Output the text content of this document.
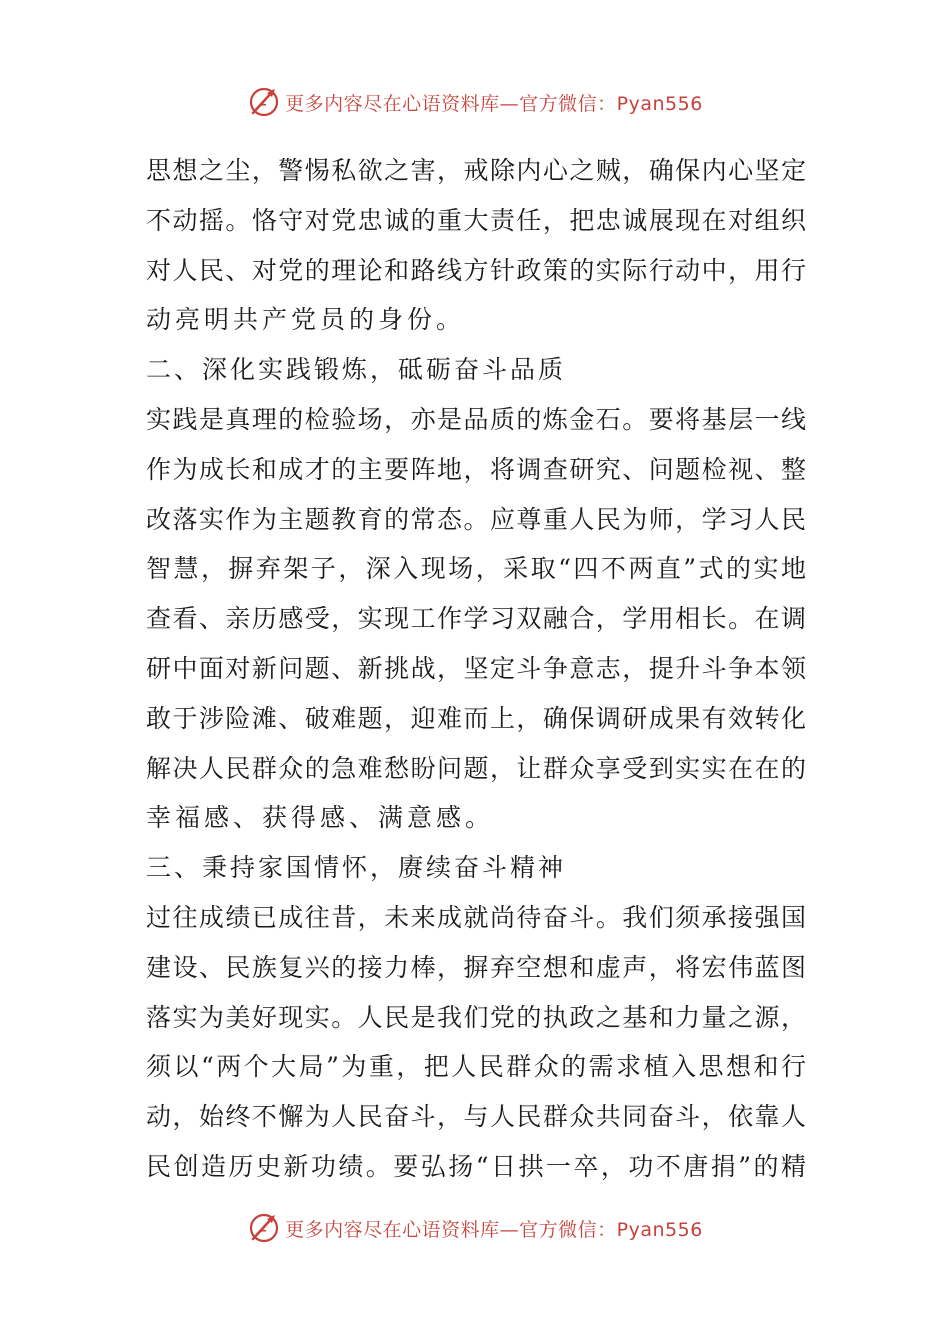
更多内容尽在心语资料库—官方微信：Pyan556
思想之尘，警惕私欲之害，戒除内心之贼，确保内心坚定
不动摇。恪守对党忠诚的重大责任，把忠诚展现在对组织
对人民、对党的理论和路线方针政策的实际行动中，用行
动亮明共产党员的身份。
二、深化实践锻炼，砥砺奋斗品质
实践是真理的检验场，亦是品质的炼金石。要将基层一线
作为成长和成才的主要阵地，将调查研究、问题检视、整
改落实作为主题教育的常态。应尊重人民为师，学习人民
智慧，摒弃架子，深入现场，采取“四不两直”式的实地
查看、亲历感受，实现工作学习双融合，学用相长。在调
研中面对新问题、新挑战，坚定斗争意志，提升斗争本领
敢于涉险滩、破难题，迎难而上，确保调研成果有效转化
解决人民群众的急难愁盼问题，让群众享受到实实在在的
幸福感、获得感、满意感。
三、秉持家国情怀，赓续奋斗精神
过往成绩已成往昔，未来成就尚待奋斗。我们须承接强国
建设、民族复兴的接力棒，摒弃空想和虚声，将宏伟蓝图
落实为美好现实。人民是我们党的执政之基和力量之源，
须以“两个大局”为重，把人民群众的需求植入思想和行
动，始终不懈为人民奋斗，与人民群众共同奋斗，依靠人
民创造历史新功绩。要弘扬“日拱一卒，功不唐捐”的精
更多内容尽在心语资料库—官方微信：Pyan556
